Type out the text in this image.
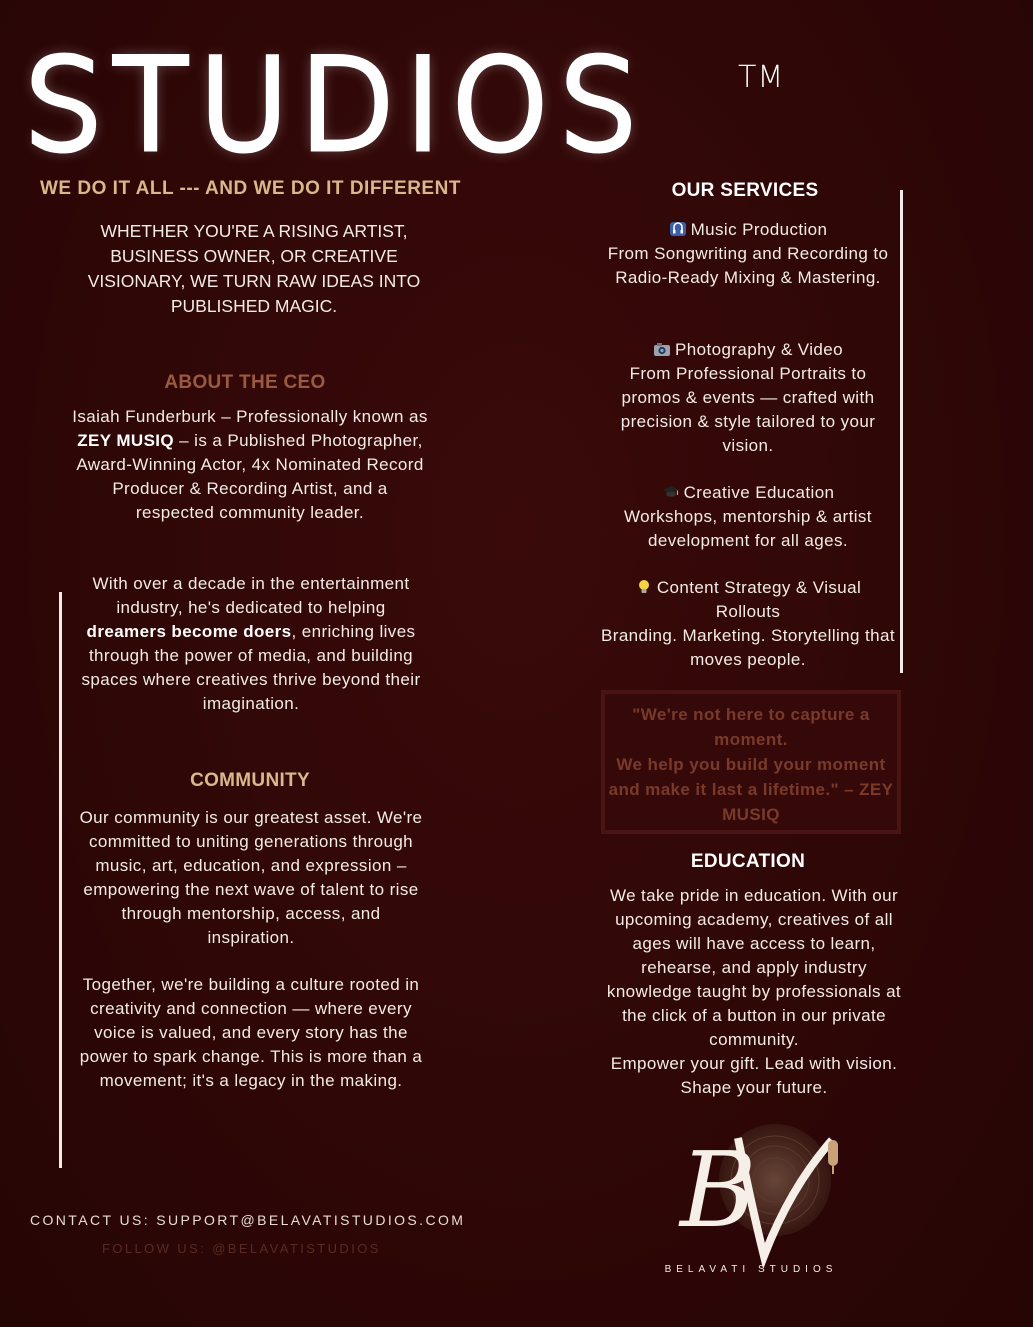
STUDIOS	TM
WE DO IT ALL --- AND WE DO IT DIFFERENT
WHETHER YOU'RE A RISING ARTIST, BUSINESS OWNER, OR CREATIVE VISIONARY, WE TURN RAW IDEAS INTO PUBLISHED MAGIC.
ABOUT THE CEO
Isaiah Funderburk – Professionally known as ZEY MUSIQ – is a Published Photographer, Award-Winning Actor, 4x Nominated Record Producer & Recording Artist, and a respected community leader.
With over a decade in the entertainment industry, he's dedicated to helping dreamers become doers, enriching lives through the power of media, and building spaces where creatives thrive beyond their imagination.
COMMUNITY
Our community is our greatest asset. We're committed to uniting generations through music, art, education, and expression – empowering the next wave of talent to rise through mentorship, access, and inspiration.
Together, we're building a culture rooted in creativity and connection — where every voice is valued, and every story has the power to spark change. This is more than a movement; it's a legacy in the making.
OUR SERVICES
Music Production
From Songwriting and Recording to Radio-Ready Mixing & Mastering.
Photography & Video
From Professional Portraits to promos & events — crafted with precision & style tailored to your vision.
Creative Education
Workshops, mentorship & artist development for all ages.
Content Strategy & Visual Rollouts
Branding. Marketing. Storytelling that moves people.
"We're not here to capture a moment.
We help you build your moment and make it last a lifetime." – ZEY MUSIQ
EDUCATION
We take pride in education. With our upcoming academy, creatives of all ages will have access to learn, rehearse, and apply industry knowledge taught by professionals at the click of a button in our private community.
Empower your gift. Lead with vision. Shape your future.
CONTACT US: SUPPORT@BELAVATISTUDIOS.COM
FOLLOW US: @BELAVATISTUDIOS	B
BELAVATI STUDIOS
